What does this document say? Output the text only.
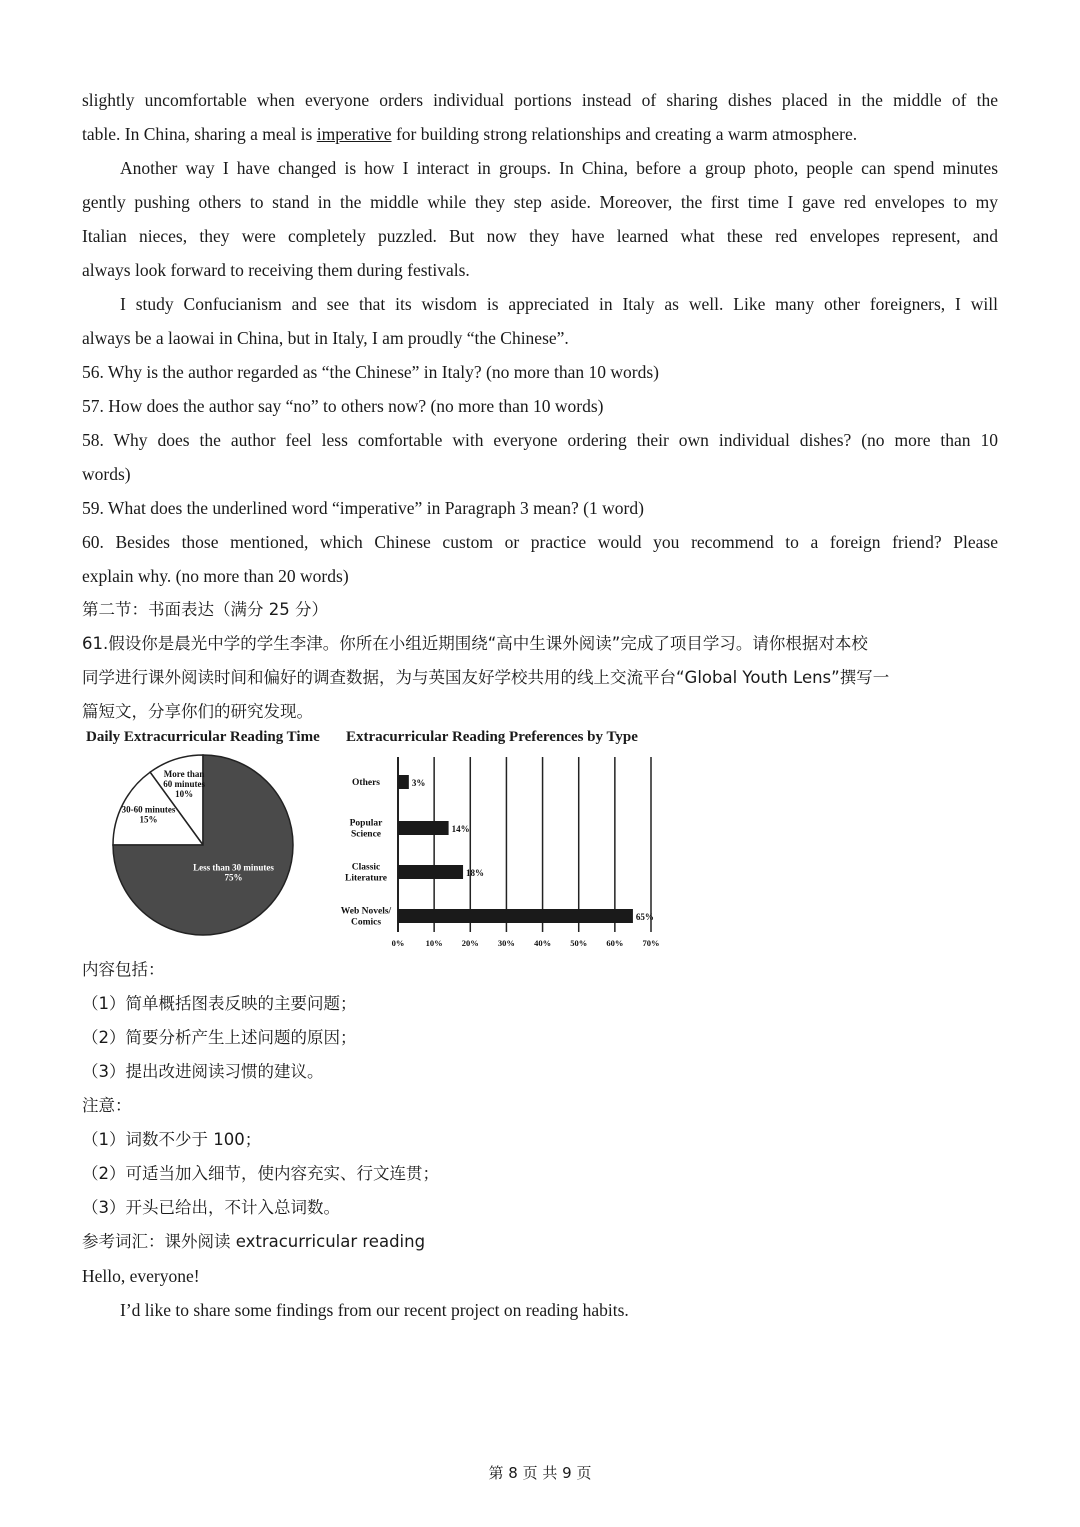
slightly uncomfortable when everyone orders individual portions instead of sharing dishes placed in the middle of the
table. In China, sharing a meal is imperative for building strong relationships and creating a warm atmosphere.
Another way I have changed is how I interact in groups. In China, before a group photo, people can spend minutes
gently pushing others to stand in the middle while they step aside. Moreover, the first time I gave red envelopes to my
Italian nieces, they were completely puzzled. But now they have learned what these red envelopes represent, and
always look forward to receiving them during festivals.
I study Confucianism and see that its wisdom is appreciated in Italy as well. Like many other foreigners, I will
always be a laowai in China, but in Italy, I am proudly “the Chinese”.
56. Why is the author regarded as “the Chinese” in Italy? (no more than 10 words)
57. How does the author say “no” to others now? (no more than 10 words)
58. Why does the author feel less comfortable with everyone ordering their own individual dishes? (no more than 10
words)
59. What does the underlined word “imperative” in Paragraph 3 mean? (1 word)
60. Besides those mentioned, which Chinese custom or practice would you recommend to a foreign friend? Please
explain why. (no more than 20 words)
第二节：书面表达（满分 25 分）
61.假设你是晨光中学的学生李津。你所在小组近期围绕“高中生课外阅读”完成了项目学习。请你根据对本校
同学进行课外阅读时间和偏好的调查数据，为与英国友好学校共用的线上交流平台“Global Youth Lens”撰写一
篇短文，分享你们的研究发现。
Daily Extracurricular Reading Time
More than
60 minutes
10%
30-60 minutes
15%
Less than 30 minutes
75%
Extracurricular Reading Preferences by Type
0%	10% 20% 30% 40% 50% 60% 70%
3%
Others
14%
Popular
Science
18%
Classic
Literature
65%
Web Novels/
Comics
内容包括：
（1）简单概括图表反映的主要问题；
（2）简要分析产生上述问题的原因；
（3）提出改进阅读习惯的建议。
注意：
（1）词数不少于 100；
（2）可适当加入细节，使内容充实、行文连贯；
（3）开头已给出，不计入总词数。
参考词汇：课外阅读 extracurricular reading
Hello, everyone!
I’d like to share some findings from our recent project on reading habits.
第 8 页 共 9 页
